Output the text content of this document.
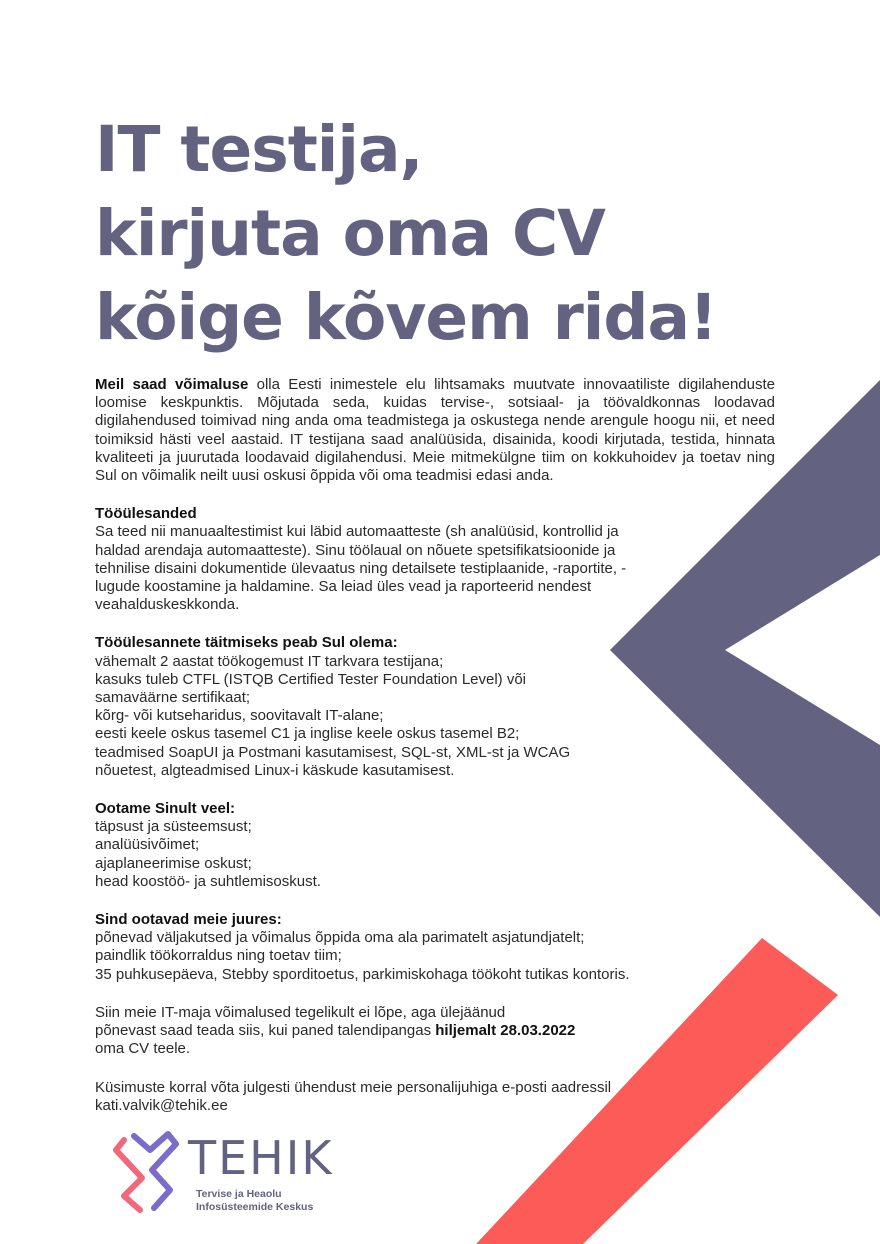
IT testija,
kirjuta oma CV
kõige kõvem rida!

Meil saad võimaluse olla Eesti inimestele elu lihtsamaks muutvate innovaatiliste digilahenduste loomise keskpunktis. Mõjutada seda, kuidas tervise-, sotsiaal- ja töövaldkonnas loodavad digilahendused toimivad ning anda oma teadmistega ja oskustega nende arengule hoogu nii, et need toimiksid hästi veel aastaid. IT testijana saad analüüsida, disainida, koodi kirjutada, testida, hinnata kvaliteeti ja juurutada loodavaid digilahendusi. Meie mitmekülgne tiim on kokkuhoidev ja toetav ning Sul on võimalik neilt uusi oskusi õppida või oma teadmisi edasi anda.

Tööülesanded
Sa teed nii manuaaltestimist kui läbid automaatteste (sh analüüsid, kontrollid ja haldad arendaja automaatteste). Sinu töölaual on nõuete spetsifikatsioonide ja tehnilise disaini dokumentide ülevaatus ning detailsete testiplaanide, -raportite, -lugude koostamine ja haldamine. Sa leiad üles vead ja raporteerid nendest veahalduskeskkonda.
Tööülesannete täitmiseks peab Sul olema:
vähemalt 2 aastat töökogemust IT tarkvara testijana;
kasuks tuleb CTFL (ISTQB Certified Tester Foundation Level) või samaväärne sertifikaat;
kõrg- või kutseharidus, soovitavalt IT-alane;
eesti keele oskus tasemel C1 ja inglise keele oskus tasemel B2;
teadmised SoapUI ja Postmani kasutamisest, SQL-st, XML-st ja WCAG nõuetest, algteadmised Linux-i käskude kasutamisest.
Ootame Sinult veel:
täpsust ja süsteemsust;
analüüsivõimet;
ajaplaneerimise oskust;
head koostöö- ja suhtlemisoskust.
Sind ootavad meie juures:
põnevad väljakutsed ja võimalus õppida oma ala parimatelt asjatundjatelt;
paindlik töökorraldus ning toetav tiim;
35 puhkusepäeva, Stebby sporditoetus, parkimiskohaga töökoht tutikas kontoris.
Siin meie IT-maja võimalused tegelikult ei lõpe, aga ülejäänud
põnevast saad teada siis, kui paned talendipangas hiljemalt 28.03.2022
oma CV teele.
Küsimuste korral võta julgesti ühendust meie personalijuhiga e-posti aadressil
kati.valvik@tehik.ee
TEHIK
Tervise ja Heaolu
Infosüsteemide Keskus
